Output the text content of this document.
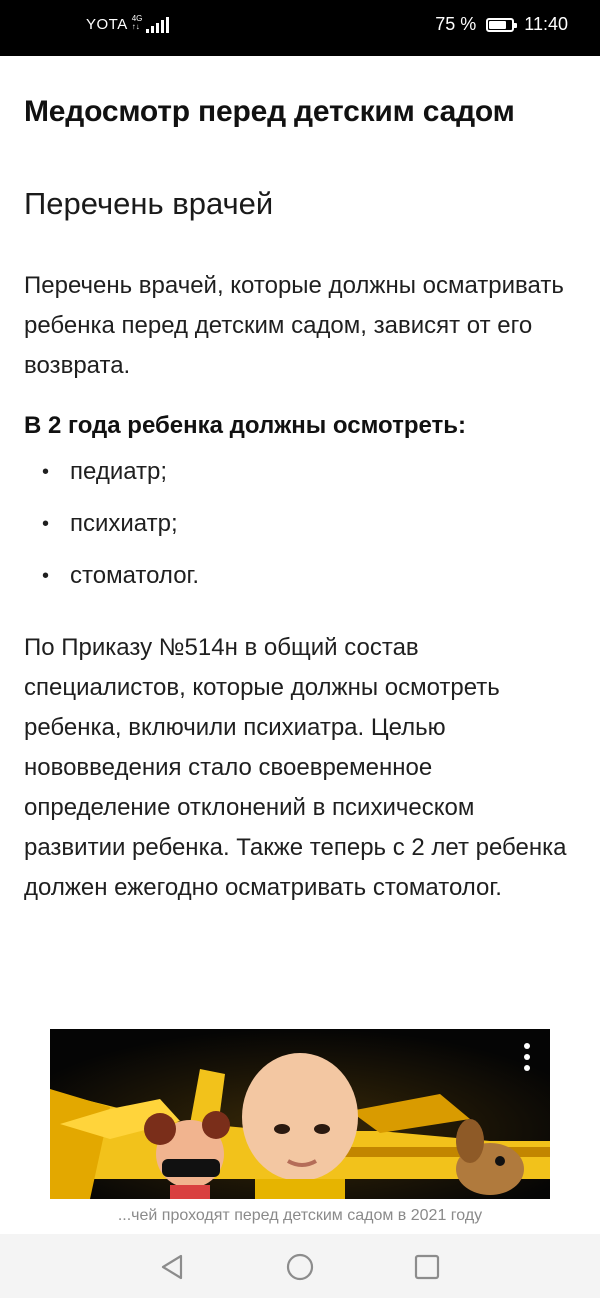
YOTA 4G
↑↓	75 %	11:40
Медосмотр перед детским садом
Перечень врачей

Перечень врачей, которые должны осматривать ребенка перед детским садом, зависят от его возврата.

В 2 года ребенка должны осмотреть:
• педиатр;
• психиатр;
• стоматолог.

По Приказу №514н в общий состав специалистов, которые должны осмотреть ребенка, включили психиатра. Целью нововведения стало своевременное определение отклонений в психическом развитии ребенка. Также теперь с 2 лет ребенка должен ежегодно осматривать стоматолог.

...чей проходят перед детским садом в 2021 году
